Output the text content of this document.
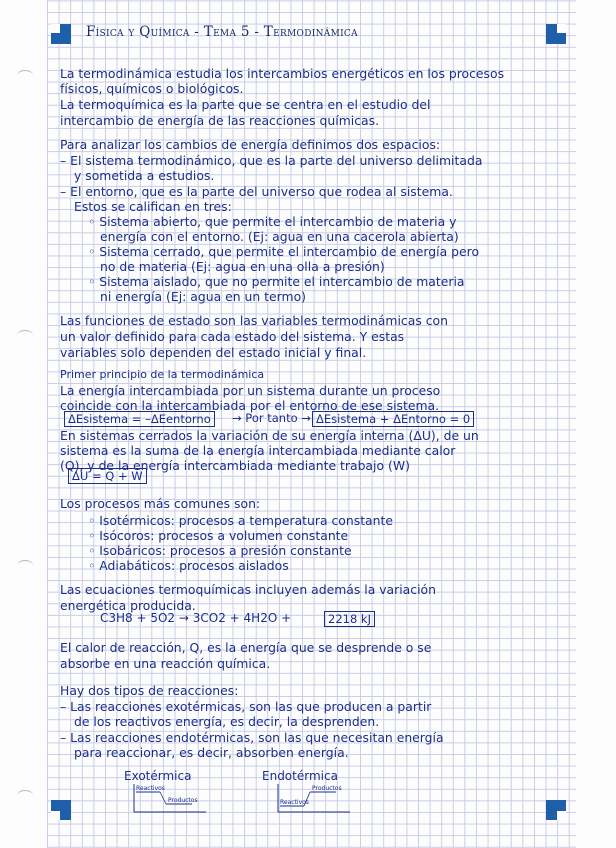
Física y Química - Tema 5 - Termodinámica

La termodinámica estudia los intercambios energéticos en los procesos

físicos, químicos o biológicos.

La termoquímica es la parte que se centra en el estudio del

intercambio de energía de las reacciones químicas.

Para analizar los cambios de energía definimos dos espacios:

– El sistema termodinámico, que es la parte del universo delimitada

y sometida a estudios.

– El entorno, que es la parte del universo que rodea al sistema.

Estos se califican en tres:

◦ Sistema abierto, que permite el intercambio de materia y

energía con el entorno. (Ej: agua en una cacerola abierta)

◦ Sistema cerrado, que permite el intercambio de energía pero

no de materia (Ej: agua en una olla a presión)

◦ Sistema aislado, que no permite el intercambio de materia

ni energía (Ej: agua en un termo)

Las funciones de estado son las variables termodinámicas con

un valor definido para cada estado del sistema. Y estas

variables solo dependen del estado inicial y final.

Primer principio de la termodinámica

La energía intercambiada por un sistema durante un proceso

coincide con la intercambiada por el entorno de ese sistema.

ΔEsistema = –ΔEentorno	→ Por tanto → ΔEsistema + ΔEntorno = 0

En sistemas cerrados la variación de su energía interna (ΔU), de un

sistema es la suma de la energía intercambiada mediante calor

(Q), y de la energía intercambiada mediante trabajo (W)

ΔU = Q + W

Los procesos más comunes son:

◦ Isotérmicos: procesos a temperatura constante

◦ Isócoros: procesos a volumen constante

◦ Isobáricos: procesos a presión constante

◦ Adiabáticos: procesos aislados

Las ecuaciones termoquímicas incluyen además la variación

energética producida.

C3H8 + 5O2 → 3CO2 + 4H2O +	2218 kJ

El calor de reacción, Q, es la energía que se desprende o se

absorbe en una reacción química.

Hay dos tipos de reacciones:

– Las reacciones exotérmicas, son las que producen a partir

de los reactivos energía, es decir, la desprenden.

– Las reacciones endotérmicas, son las que necesitan energía

para reaccionar, es decir, absorben energía.

Exotérmica	Endotérmica
Reactivos
Productos	Reactivos
Productos
